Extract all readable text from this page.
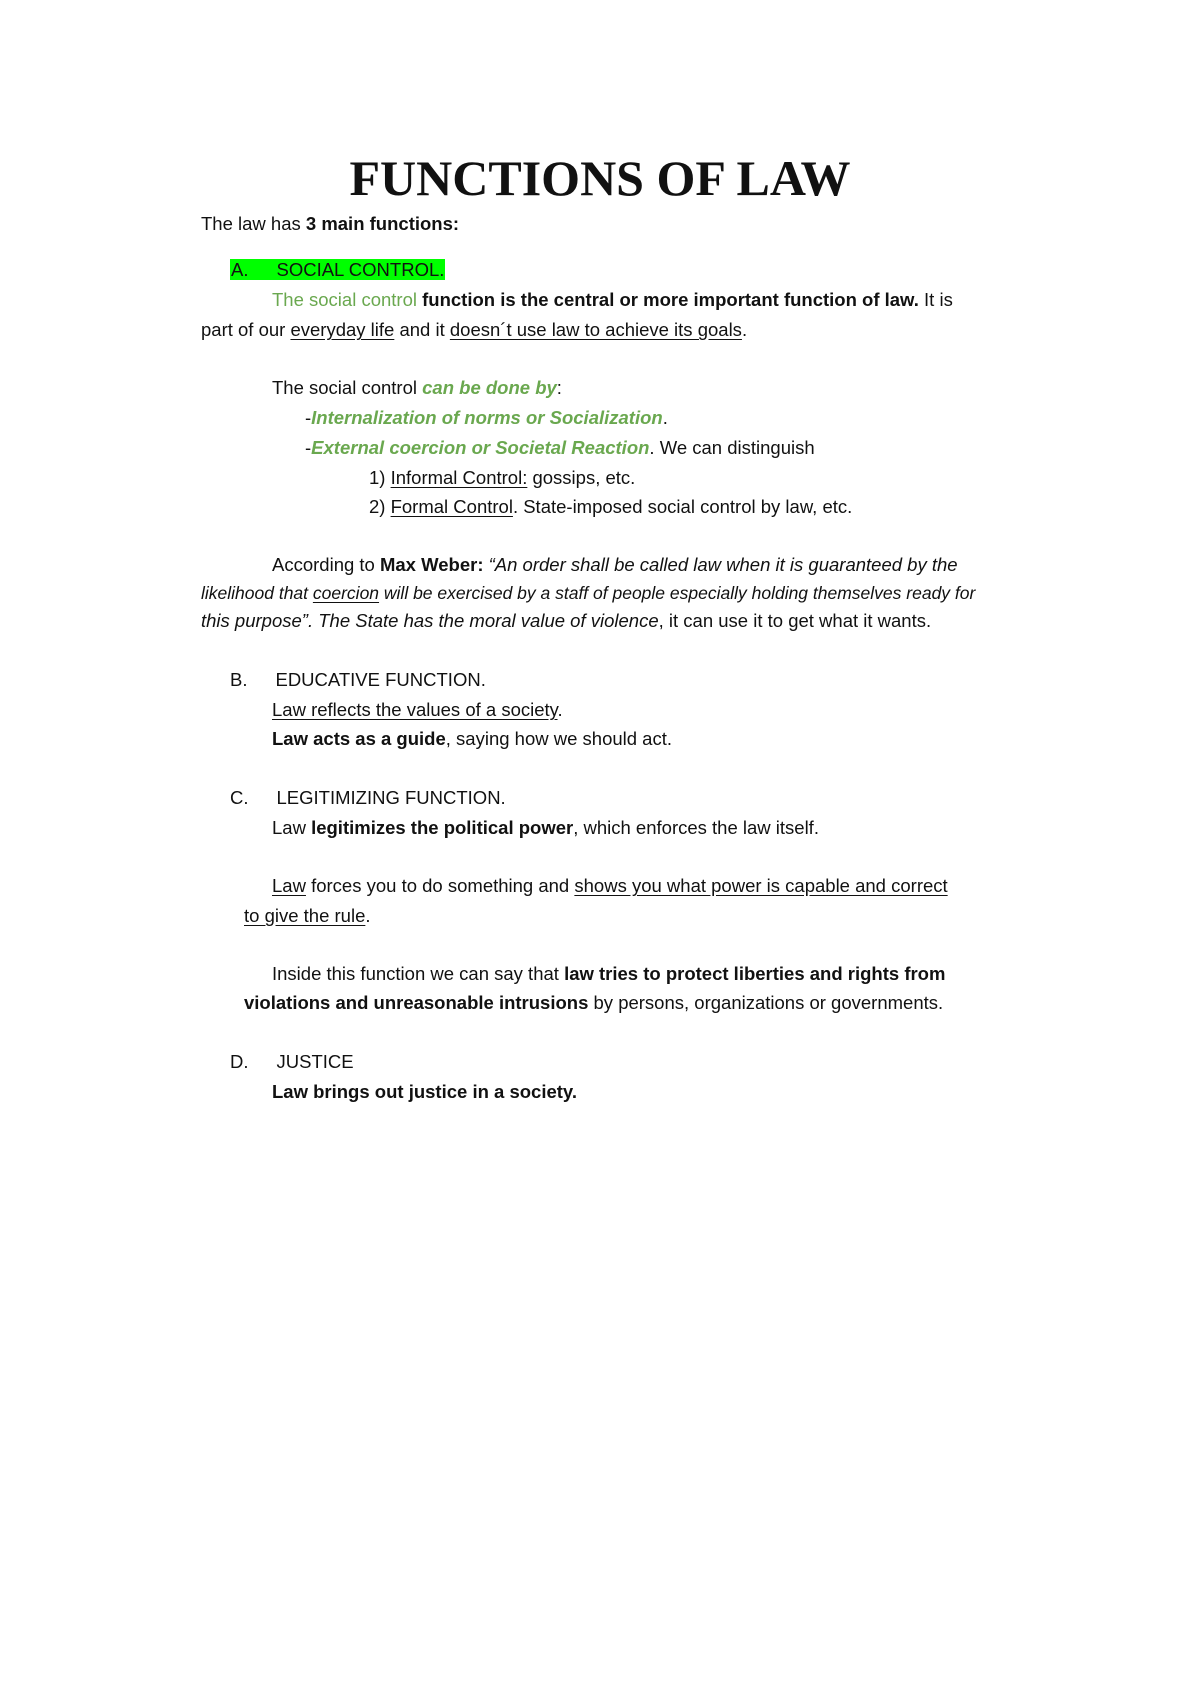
FUNCTIONS OF LAW
The law has 3 main functions:
A. SOCIAL CONTROL.
The social control function is the central or more important function of law. It is
part of our everyday life and it doesn´t use law to achieve its goals.
The social control can be done by:
-Internalization of norms or Socialization.
-External coercion or Societal Reaction. We can distinguish
1) Informal Control: gossips, etc.
2) Formal Control. State-imposed social control by law, etc.
According to Max Weber: “An order shall be called law when it is guaranteed by the
likelihood that coercion will be exercised by a staff of people especially holding themselves ready for
this purpose”. The State has the moral value of violence, it can use it to get what it wants.
B. EDUCATIVE FUNCTION.
Law reflects the values of a society.
Law acts as a guide, saying how we should act.
C. LEGITIMIZING FUNCTION.
Law legitimizes the political power, which enforces the law itself.
Law forces you to do something and shows you what power is capable and correct
to give the rule.
Inside this function we can say that law tries to protect liberties and rights from
violations and unreasonable intrusions by persons, organizations or governments.
D. JUSTICE
Law brings out justice in a society.
